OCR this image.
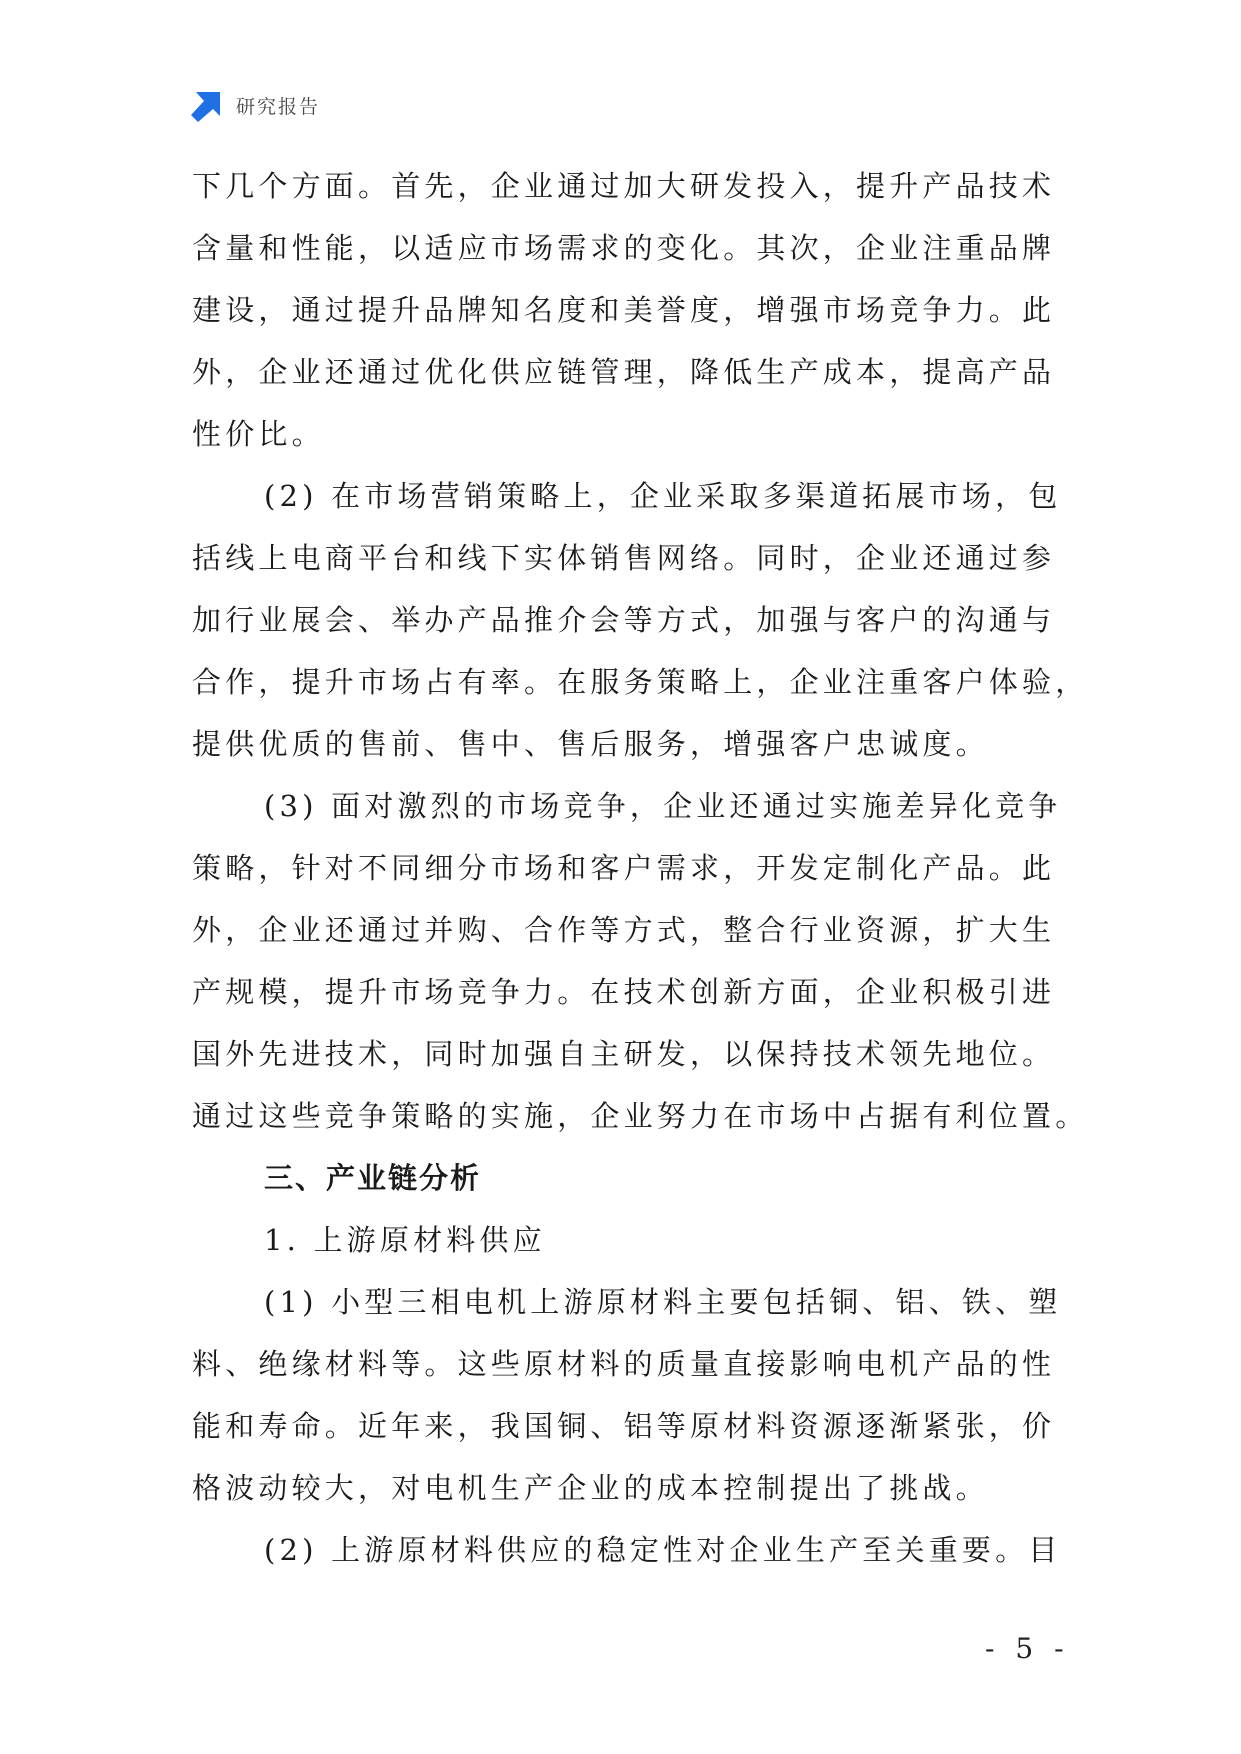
研究报告
下几个方面。首先，企业通过加大研发投入，提升产品技术
含量和性能，以适应市场需求的变化。其次，企业注重品牌
建设，通过提升品牌知名度和美誉度，增强市场竞争力。此
外，企业还通过优化供应链管理，降低生产成本，提高产品
性价比。
(2) 在市场营销策略上，企业采取多渠道拓展市场，包
括线上电商平台和线下实体销售网络。同时，企业还通过参
加行业展会、举办产品推介会等方式，加强与客户的沟通与
合作，提升市场占有率。在服务策略上，企业注重客户体验，
提供优质的售前、售中、售后服务，增强客户忠诚度。
(3) 面对激烈的市场竞争，企业还通过实施差异化竞争
策略，针对不同细分市场和客户需求，开发定制化产品。此
外，企业还通过并购、合作等方式，整合行业资源，扩大生
产规模，提升市场竞争力。在技术创新方面，企业积极引进
国外先进技术，同时加强自主研发，以保持技术领先地位。
通过这些竞争策略的实施，企业努力在市场中占据有利位置。
三、产业链分析
1. 上游原材料供应
(1) 小型三相电机上游原材料主要包括铜、铝、铁、塑
料、绝缘材料等。这些原材料的质量直接影响电机产品的性
能和寿命。近年来，我国铜、铝等原材料资源逐渐紧张，价
格波动较大，对电机生产企业的成本控制提出了挑战。
(2) 上游原材料供应的稳定性对企业生产至关重要。目
- 5 -
